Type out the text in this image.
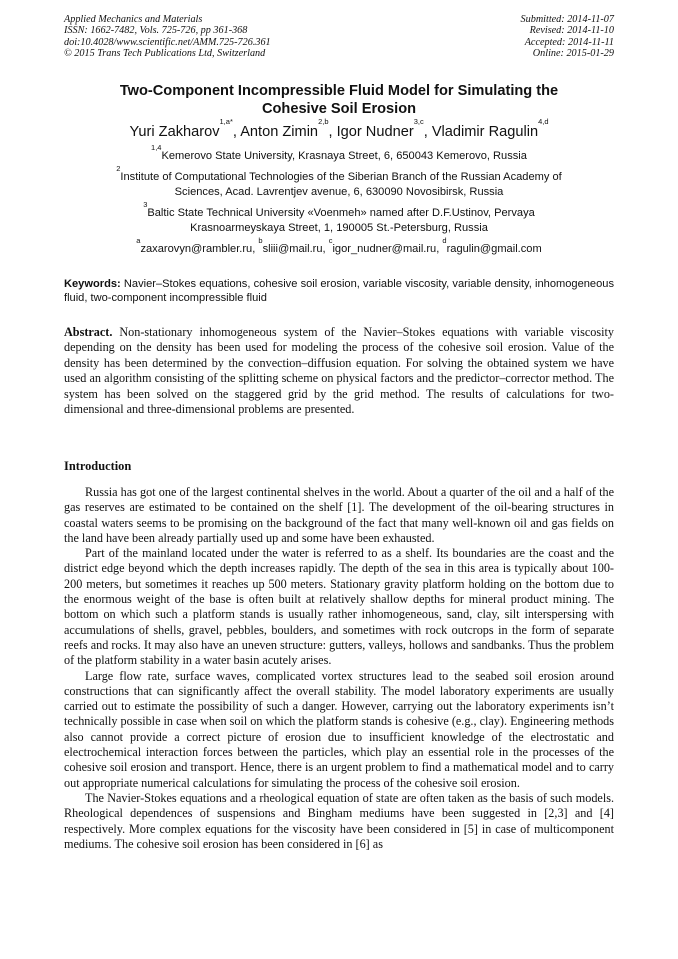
Applied Mechanics and Materials
ISSN: 1662-7482, Vols. 725-726, pp 361-368
doi:10.4028/www.scientific.net/AMM.725-726.361
© 2015 Trans Tech Publications Ltd, Switzerland
Submitted: 2014-11-07
Revised: 2014-11-10
Accepted: 2014-11-11
Online: 2015-01-29
Two-Component Incompressible Fluid Model for Simulating the
Cohesive Soil Erosion
Yuri Zakharov$^{1,a*}$, Anton Zimin$^{2,b}$, Igor Nudner$^{3,c}$, Vladimir Ragulin$^{4,d}$
$^{1,4}$Kemerovo State University, Krasnaya Street, 6, 650043 Kemerovo, Russia
$^2$Institute of Computational Technologies of the Siberian Branch of the Russian Academy of
Sciences, Acad. Lavrentjev avenue, 6, 630090 Novosibirsk, Russia
$^3$Baltic State Technical University «Voenmeh» named after D.F.Ustinov, Pervaya
Krasnoarmeyskaya Street, 1, 190005 St.-Petersburg, Russia
$^a$zaxarovyn@rambler.ru, $^b$sliii@mail.ru, $^c$igor_nudner@mail.ru, $^d$ragulin@gmail.com
Keywords: Navier–Stokes equations, cohesive soil erosion, variable viscosity, variable density, inhomogeneous fluid, two-component incompressible fluid
Abstract. Non-stationary inhomogeneous system of the Navier–Stokes equations with variable viscosity depending on the density has been used for modeling the process of the cohesive soil erosion. Value of the density has been determined by the convection–diffusion equation. For solving the obtained system we have used an algorithm consisting of the splitting scheme on physical factors and the predictor–corrector method. The system has been solved on the staggered grid by the grid method. The results of calculations for two-dimensional and three-dimensional problems are presented.
Introduction

Russia has got one of the largest continental shelves in the world. About a quarter of the oil and a half of the gas reserves are estimated to be contained on the shelf [1]. The development of the oil-bearing structures in coastal waters seems to be promising on the background of the fact that many well-known oil and gas fields on the land have been already partially used up and some have been exhausted.

Part of the mainland located under the water is referred to as a shelf. Its boundaries are the coast and the district edge beyond which the depth increases rapidly. The depth of the sea in this area is typically about 100-200 meters, but sometimes it reaches up 500 meters. Stationary gravity platform holding on the bottom due to the enormous weight of the base is often built at relatively shallow depths for mineral product mining. The bottom on which such a platform stands is usually rather inhomogeneous, sand, clay, silt interspersing with accumulations of shells, gravel, pebbles, boulders, and sometimes with rock outcrops in the form of separate reefs and rocks. It may also have an uneven structure: gutters, valleys, hollows and sandbanks. Thus the problem of the platform stability in a water basin acutely arises.

Large flow rate, surface waves, complicated vortex structures lead to the seabed soil erosion around constructions that can significantly affect the overall stability. The model laboratory experiments are usually carried out to estimate the possibility of such a danger. However, carrying out the laboratory experiments isn’t technically possible in case when soil on which the platform stands is cohesive (e.g., clay). Engineering methods also cannot provide a correct picture of erosion due to insufficient knowledge of the electrostatic and electrochemical interaction forces between the particles, which play an essential role in the processes of the cohesive soil erosion and transport. Hence, there is an urgent problem to find a mathematical model and to carry out appropriate numerical calculations for simulating the process of the cohesive soil erosion.

The Navier-Stokes equations and a rheological equation of state are often taken as the basis of such models. Rheological dependences of suspensions and Bingham mediums have been suggested in [2,3] and [4] respectively. More complex equations for the viscosity have been considered in [5] in case of multicomponent mediums. The cohesive soil erosion has been considered in [6] as
